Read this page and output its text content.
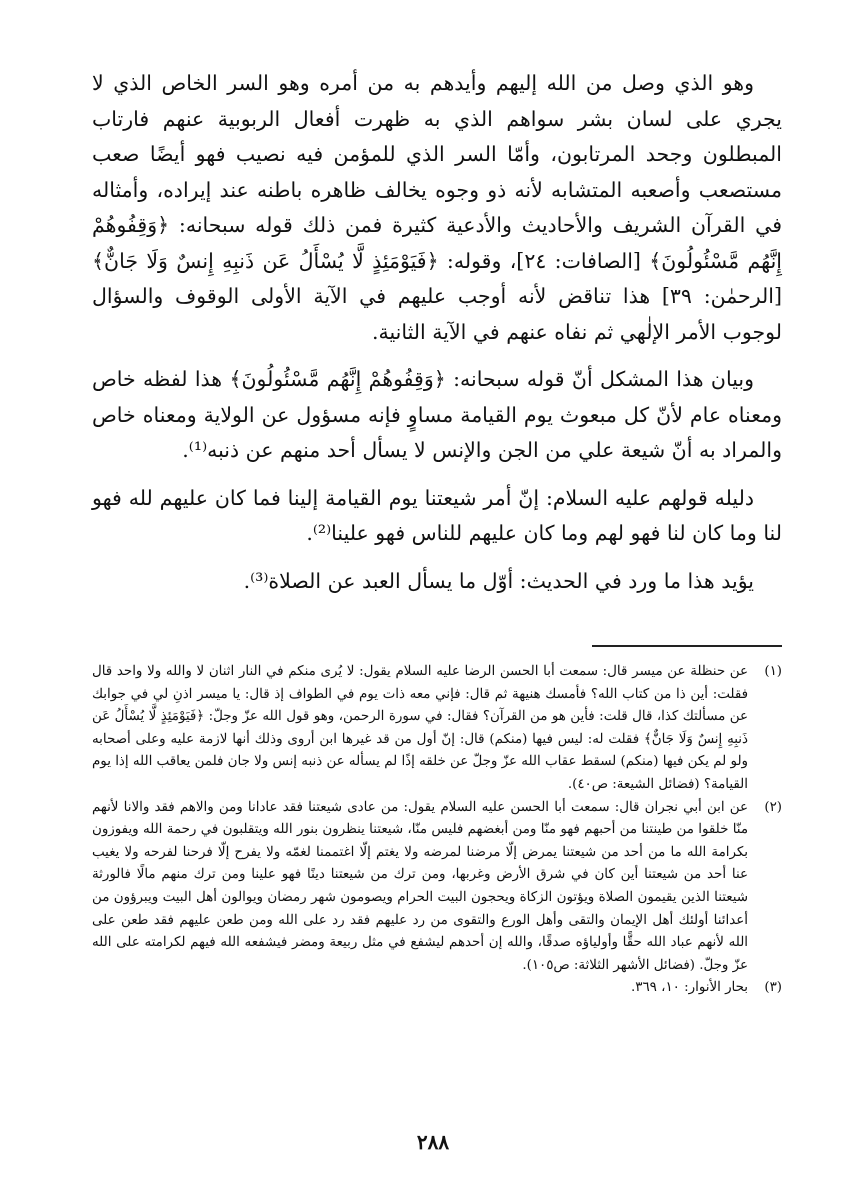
وهو الذي وصل من الله إليهم وأيدهم به من أمره وهو السر الخاص الذي لا يجري على لسان بشر سواهم الذي به ظهرت أفعال الربوبية عنهم فارتاب المبطلون وجحد المرتابون، وأمّا السر الذي للمؤمن فيه نصيب فهو أيضًا صعب مستصعب وأصعبه المتشابه لأنه ذو وجوه يخالف ظاهره باطنه عند إيراده، وأمثاله في القرآن الشريف والأحاديث والأدعية كثيرة فمن ذلك قوله سبحانه: ﴿وَقِفُوهُمْ إِنَّهُم مَّسْئُولُونَ﴾ [الصافات: ٢٤]، وقوله: ﴿فَيَوْمَئِذٍ لَّا يُسْأَلُ عَن ذَنبِهِ إِنسٌ وَلَا جَانٌّ﴾ [الرحمٰن: ٣٩] هذا تناقض لأنه أوجب عليهم في الآية الأولى الوقوف والسؤال لوجوب الأمر الإلٰهي ثم نفاه عنهم في الآية الثانية.

وبيان هذا المشكل أنّ قوله سبحانه: ﴿وَقِفُوهُمْ إِنَّهُم مَّسْئُولُونَ﴾ هذا لفظه خاص ومعناه عام لأنّ كل مبعوث يوم القيامة مساوٍ فإنه مسؤول عن الولاية ومعناه خاص والمراد به أنّ شيعة علي من الجن والإنس لا يسأل أحد منهم عن ذنبه⁽¹⁾.

دليله قولهم عليه السلام: إنّ أمر شيعتنا يوم القيامة إلينا فما كان عليهم لله فهو لنا وما كان لنا فهو لهم وما كان عليهم للناس فهو علينا⁽²⁾.

يؤيد هذا ما ورد في الحديث: أوّل ما يسأل العبد عن الصلاة⁽³⁾.

(١)
عن حنظلة عن ميسر قال: سمعت أبا الحسن الرضا عليه السلام يقول: لا يُرى منكم في النار اثنان لا والله ولا واحد قال فقلت: أين ذا من كتاب الله؟ فأمسك هنيهة ثم قال: فإني معه ذات يوم في الطواف إذ قال: يا ميسر اذنِ لي في جوابك عن مسألتك كذا، قال قلت: فأين هو من القرآن؟ فقال: في سورة الرحمن، وهو قول الله عزّ وجلّ: ﴿فَيَوْمَئِذٍ لَّا يُسْأَلُ عَن ذَنبِهِ إِنسٌ وَلَا جَانٌّ﴾ فقلت له: ليس فيها (منكم) قال: إنّ أول من قد غيرها ابن أروى وذلك أنها لازمة عليه وعلى أصحابه ولو لم يكن فيها (منكم) لسقط عقاب الله عزّ وجلّ عن خلقه إذًا لم يسأله عن ذنبه إنس ولا جان فلمن يعاقب الله إذا يوم القيامة؟ (فضائل الشيعة: ص٤٠).
(٢)
عن ابن أبي نجران قال: سمعت أبا الحسن عليه السلام يقول: من عادى شيعتنا فقد عادانا ومن والاهم فقد والانا لأنهم منّا خلقوا من طينتنا من أحبهم فهو منّا ومن أبغضهم فليس منّا، شيعتنا ينظرون بنور الله ويتقلبون في رحمة الله ويفوزون بكرامة الله ما من أحد من شيعتنا يمرض إلّا مرضنا لمرضه ولا يغتم إلّا اغتممنا لغمّه ولا يفرح إلّا فرحنا لفرحه ولا يغيب عنا أحد من شيعتنا أين كان في شرق الأرض وغربها، ومن ترك من شيعتنا دينًا فهو علينا ومن ترك منهم مالًا فالورثة شيعتنا الذين يقيمون الصلاة ويؤتون الزكاة ويحجون البيت الحرام ويصومون شهر رمضان ويوالون أهل البيت ويبرؤون من أعدائنا أولئك أهل الإيمان والتقى وأهل الورع والتقوى من رد عليهم فقد رد على الله ومن طعن عليهم فقد طعن على الله لأنهم عباد الله حقًّا وأولياؤه صدقًا، والله إن أحدهم ليشفع في مثل ربيعة ومضر فيشفعه الله فيهم لكرامته على الله عزّ وجلّ. (فضائل الأشهر الثلاثة: ص١٠٥).
(٣)
بحار الأنوار: ١٠، ٣٦٩.
٢٨٨
